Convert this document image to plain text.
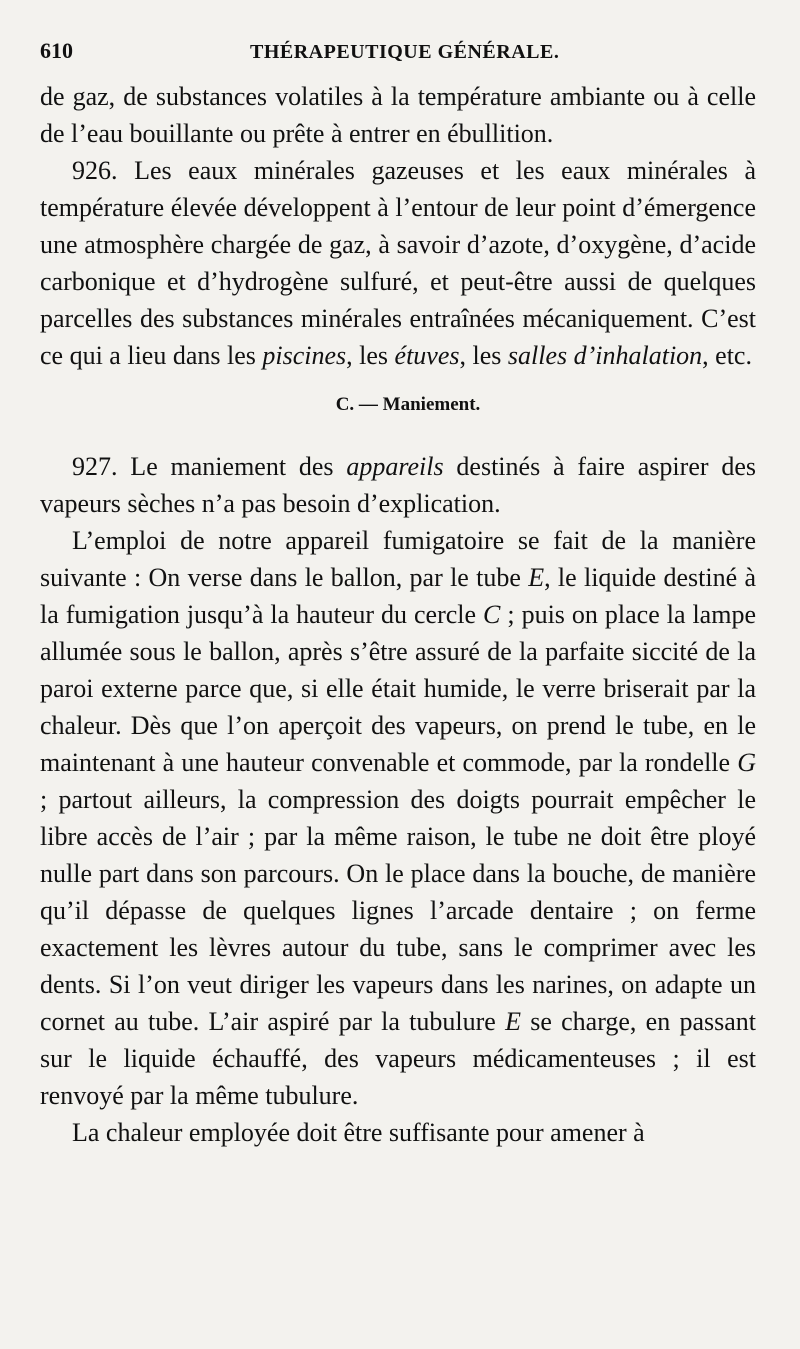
610	THÉRAPEUTIQUE GÉNÉRALE.

de gaz, de substances volatiles à la température ambiante ou à celle de l’eau bouillante ou prête à entrer en ébullition.

926. Les eaux minérales gazeuses et les eaux minérales à température élevée développent à l’entour de leur point d’émergence une atmosphère chargée de gaz, à savoir d’azote, d’oxygène, d’acide carbonique et d’hydrogène sulfuré, et peut-être aussi de quelques parcelles des substances minérales entraînées mécaniquement. C’est ce qui a lieu dans les piscines, les étuves, les salles d’inhalation, etc.

C. — Maniement.

927. Le maniement des appareils destinés à faire aspirer des vapeurs sèches n’a pas besoin d’explication.

L’emploi de notre appareil fumigatoire se fait de la manière suivante : On verse dans le ballon, par le tube E, le liquide destiné à la fumigation jusqu’à la hauteur du cercle C ; puis on place la lampe allumée sous le ballon, après s’être assuré de la parfaite siccité de la paroi externe parce que, si elle était humide, le verre briserait par la chaleur. Dès que l’on aperçoit des vapeurs, on prend le tube, en le maintenant à une hauteur convenable et commode, par la rondelle G ; partout ailleurs, la compression des doigts pourrait empêcher le libre accès de l’air ; par la même raison, le tube ne doit être ployé nulle part dans son parcours. On le place dans la bouche, de manière qu’il dépasse de quelques lignes l’arcade dentaire ; on ferme exactement les lèvres autour du tube, sans le comprimer avec les dents. Si l’on veut diriger les vapeurs dans les narines, on adapte un cornet au tube. L’air aspiré par la tubulure E se charge, en passant sur le liquide échauffé, des vapeurs médicamenteuses ; il est renvoyé par la même tubulure.

La chaleur employée doit être suffisante pour amener à
